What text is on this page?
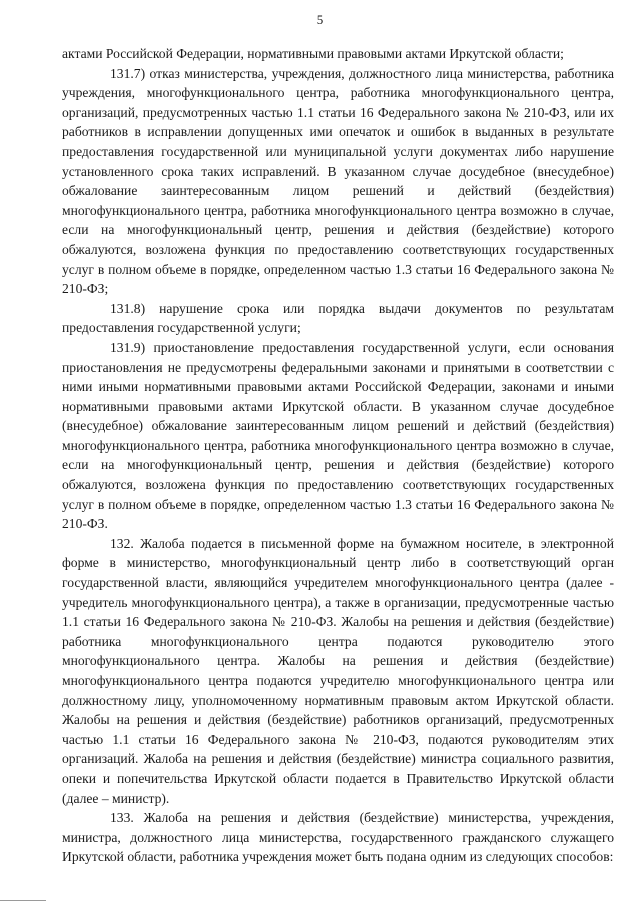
5

актами Российской Федерации, нормативными правовыми актами Иркутской области;

131.7) отказ министерства, учреждения, должностного лица министерства, работника учреждения, многофункционального центра, работника многофункционального центра, организаций, предусмотренных частью 1.1 статьи 16 Федерального закона № 210-ФЗ, или их работников в исправлении допущенных ими опечаток и ошибок в выданных в результате предоставления государственной или муниципальной услуги документах либо нарушение установленного срока таких исправлений. В указанном случае досудебное (внесудебное) обжалование заинтересованным лицом решений и действий (бездействия) многофункционального центра, работника многофункционального центра возможно в случае, если на многофункциональный центр, решения и действия (бездействие) которого обжалуются, возложена функция по предоставлению соответствующих государственных услуг в полном объеме в порядке, определенном частью 1.3 статьи 16 Федерального закона № 210-ФЗ;

131.8) нарушение срока или порядка выдачи документов по результатам предоставления государственной услуги;

131.9) приостановление предоставления государственной услуги, если основания приостановления не предусмотрены федеральными законами и принятыми в соответствии с ними иными нормативными правовыми актами Российской Федерации, законами и иными нормативными правовыми актами Иркутской области. В указанном случае досудебное (внесудебное) обжалование заинтересованным лицом решений и действий (бездействия) многофункционального центра, работника многофункционального центра возможно в случае, если на многофункциональный центр, решения и действия (бездействие) которого обжалуются, возложена функция по предоставлению соответствующих государственных услуг в полном объеме в порядке, определенном частью 1.3 статьи 16 Федерального закона № 210-ФЗ.

132. Жалоба подается в письменной форме на бумажном носителе, в электронной форме в министерство, многофункциональный центр либо в соответствующий орган государственной власти, являющийся учредителем многофункционального центра (далее - учредитель многофункционального центра), а также в организации, предусмотренные частью 1.1 статьи 16 Федерального закона № 210-ФЗ. Жалобы на решения и действия (бездействие) работника многофункционального центра подаются руководителю этого многофункционального центра. Жалобы на решения и действия (бездействие) многофункционального центра подаются учредителю многофункционального центра или должностному лицу, уполномоченному нормативным правовым актом Иркутской области. Жалобы на решения и действия (бездействие) работников организаций, предусмотренных частью 1.1 статьи 16 Федерального закона № 210-ФЗ, подаются руководителям этих организаций. Жалоба на решения и действия (бездействие) министра социального развития, опеки и попечительства Иркутской области подается в Правительство Иркутской области (далее – министр).

133. Жалоба на решения и действия (бездействие) министерства, учреждения, министра, должностного лица министерства, государственного гражданского служащего Иркутской области, работника учреждения может быть подана одним из следующих способов:
